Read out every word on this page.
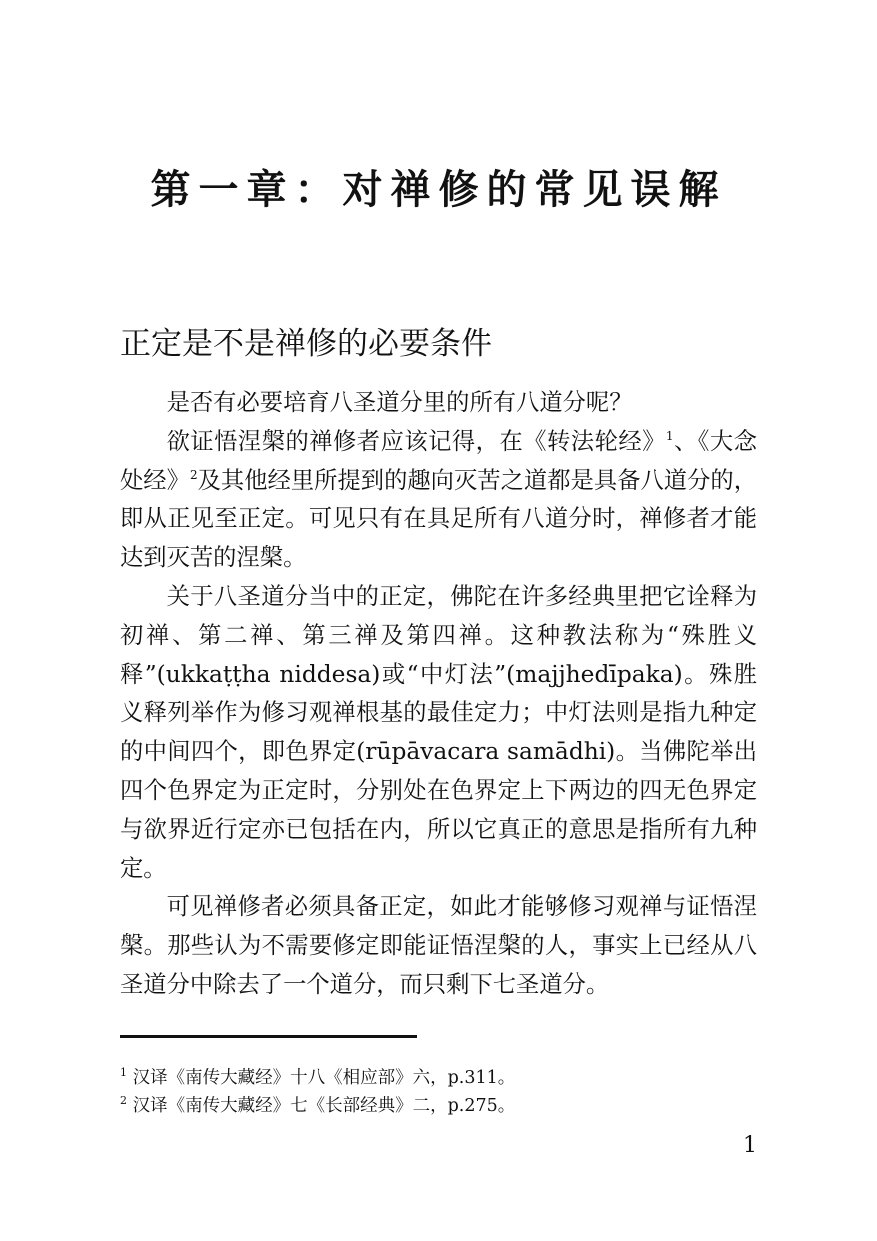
第一章：对禅修的常见误解
正定是不是禅修的必要条件

是否有必要培育八圣道分里的所有八道分呢？

欲证悟涅槃的禅修者应该记得，在《转法轮经》$^1$、《大念处经》$^2$及其他经里所提到的趣向灭苦之道都是具备八道分的，即从正见至正定。可见只有在具足所有八道分时，禅修者才能达到灭苦的涅槃。

关于八圣道分当中的正定，佛陀在许多经典里把它诠释为初禅、第二禅、第三禅及第四禅。这种教法称为“殊胜义释”(ukkaṭṭha niddesa)或“中灯法”(majjhedīpaka)。殊胜义释列举作为修习观禅根基的最佳定力；中灯法则是指九种定的中间四个，即色界定(rūpāvacara samādhi)。当佛陀举出四个色界定为正定时，分别处在色界定上下两边的四无色界定与欲界近行定亦已包括在内，所以它真正的意思是指所有九种定。

可见禅修者必须具备正定，如此才能够修习观禅与证悟涅槃。那些认为不需要修定即能证悟涅槃的人，事实上已经从八圣道分中除去了一个道分，而只剩下七圣道分。

$^1$ 汉译《南传大藏经》十八《相应部》六，p.311。

$^2$ 汉译《南传大藏经》七《长部经典》二，p.275。

1
